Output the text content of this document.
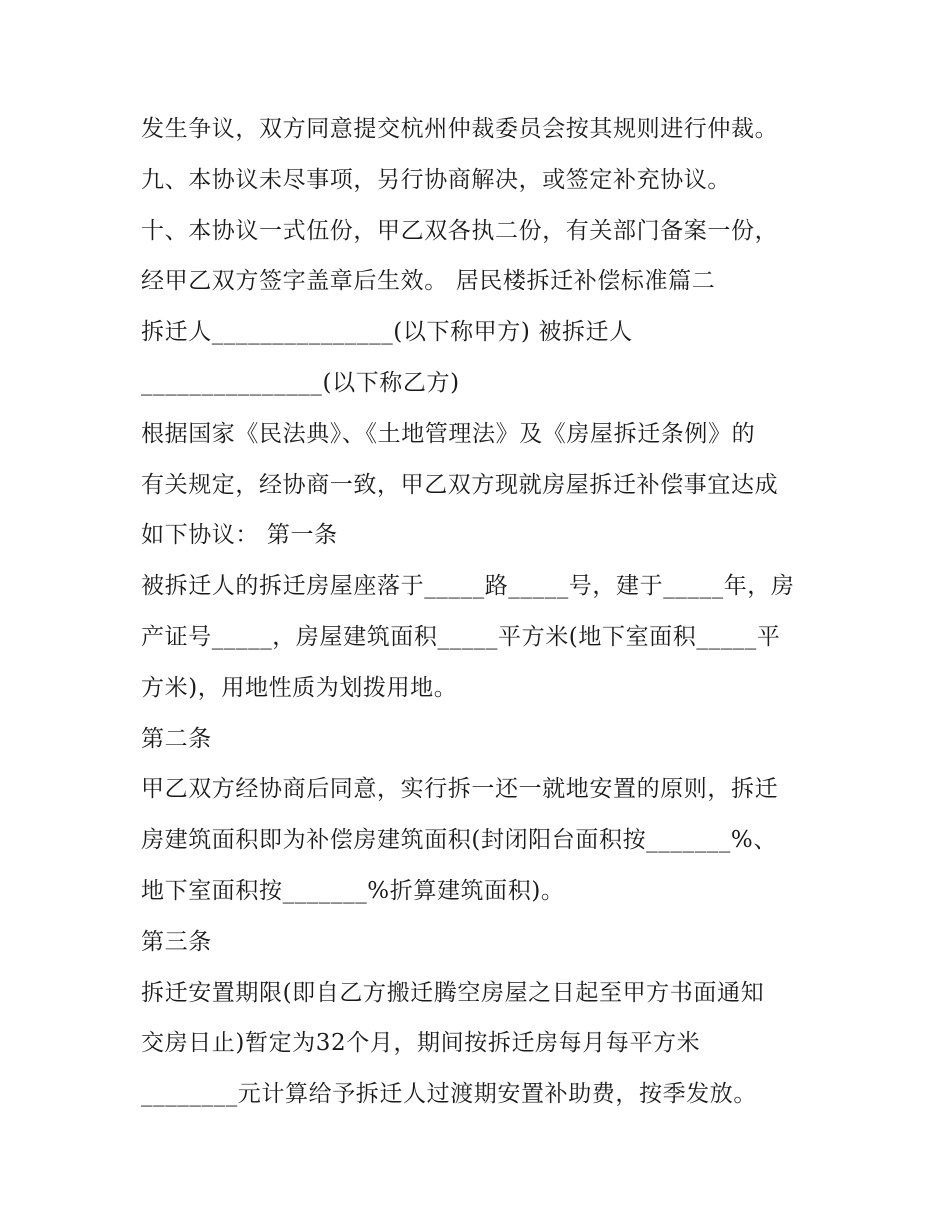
发生争议，双方同意提交杭州仲裁委员会按其规则进行仲裁。
九、本协议未尽事项，另行协商解决，或签定补充协议。
十、本协议一式伍份，甲乙双各执二份，有关部门备案一份，
经甲乙双方签字盖章后生效。 居民楼拆迁补偿标准篇二
拆迁人_______________(以下称甲方) 被拆迁人
_______________(以下称乙方)
根据国家《民法典》、《土地管理法》及《房屋拆迁条例》的
有关规定，经协商一致，甲乙双方现就房屋拆迁补偿事宜达成
如下协议： 第一条
被拆迁人的拆迁房屋座落于_____路_____号，建于_____年，房
产证号_____，房屋建筑面积_____平方米(地下室面积_____平
方米)，用地性质为划拨用地。
第二条
甲乙双方经协商后同意，实行拆一还一就地安置的原则，拆迁
房建筑面积即为补偿房建筑面积(封闭阳台面积按_______%、
地下室面积按_______%折算建筑面积)。
第三条
拆迁安置期限(即自乙方搬迁腾空房屋之日起至甲方书面通知
交房日止)暂定为32个月，期间按拆迁房每月每平方米
________元计算给予拆迁人过渡期安置补助费，按季发放。
